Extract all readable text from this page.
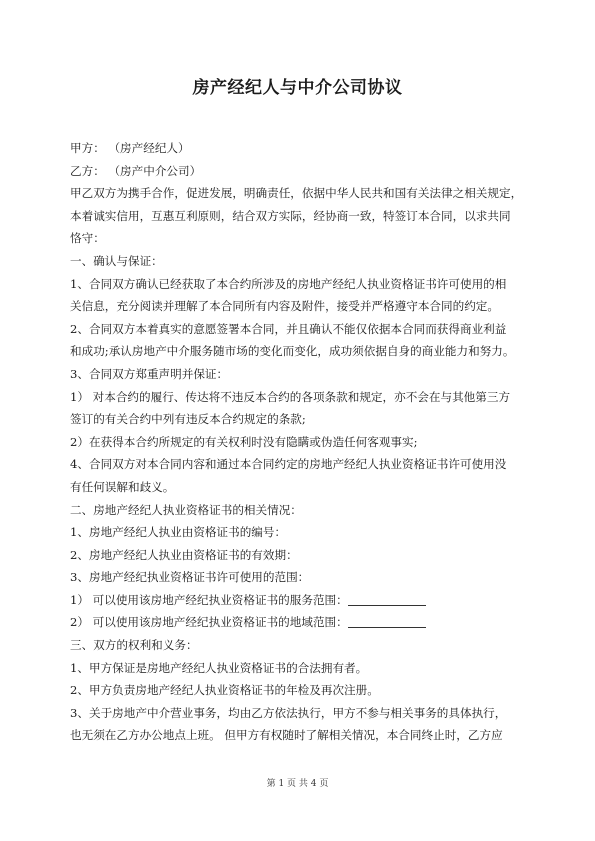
房产经纪人与中介公司协议
甲方： （房产经纪人）
乙方： （房产中介公司）
甲乙双方为携手合作，促进发展，明确责任，依据中华人民共和国有关法律之相关规定，
本着诚实信用，互惠互利原则，结合双方实际，经协商一致，特签订本合同，以求共同
恪守：
一、确认与保证：
1、合同双方确认已经获取了本合约所涉及的房地产经纪人执业资格证书许可使用的相
关信息，充分阅读并理解了本合同所有内容及附件，接受并严格遵守本合同的约定。
2、合同双方本着真实的意愿签署本合同，并且确认不能仅依据本合同而获得商业利益
和成功;承认房地产中介服务随市场的变化而变化，成功须依据自身的商业能力和努力。
3、合同双方郑重声明并保证：
1） 对本合约的履行、传达将不违反本合约的各项条款和规定，亦不会在与其他第三方
签订的有关合约中列有违反本合约规定的条款;
2）在获得本合约所规定的有关权利时没有隐瞒或伪造任何客观事实;
4、合同双方对本合同内容和通过本合同约定的房地产经纪人执业资格证书许可使用没
有任何误解和歧义。
二、房地产经纪人执业资格证书的相关情况：
1、房地产经纪人执业由资格证书的编号：
2、房地产经纪人执业由资格证书的有效期：
3、房地产经纪执业资格证书许可使用的范围：
1） 可以使用该房地产经纪执业资格证书的服务范围：
2） 可以使用该房地产经纪执业资格证书的地域范围：
三、双方的权利和义务：
1、甲方保证是房地产经纪人执业资格证书的合法拥有者。
2、甲方负责房地产经纪人执业资格证书的年检及再次注册。
3、关于房地产中介营业事务，均由乙方依法执行，甲方不参与相关事务的具体执行，
也无须在乙方办公地点上班。 但甲方有权随时了解相关情况，本合同终止时，乙方应
第 1 页 共 4 页
